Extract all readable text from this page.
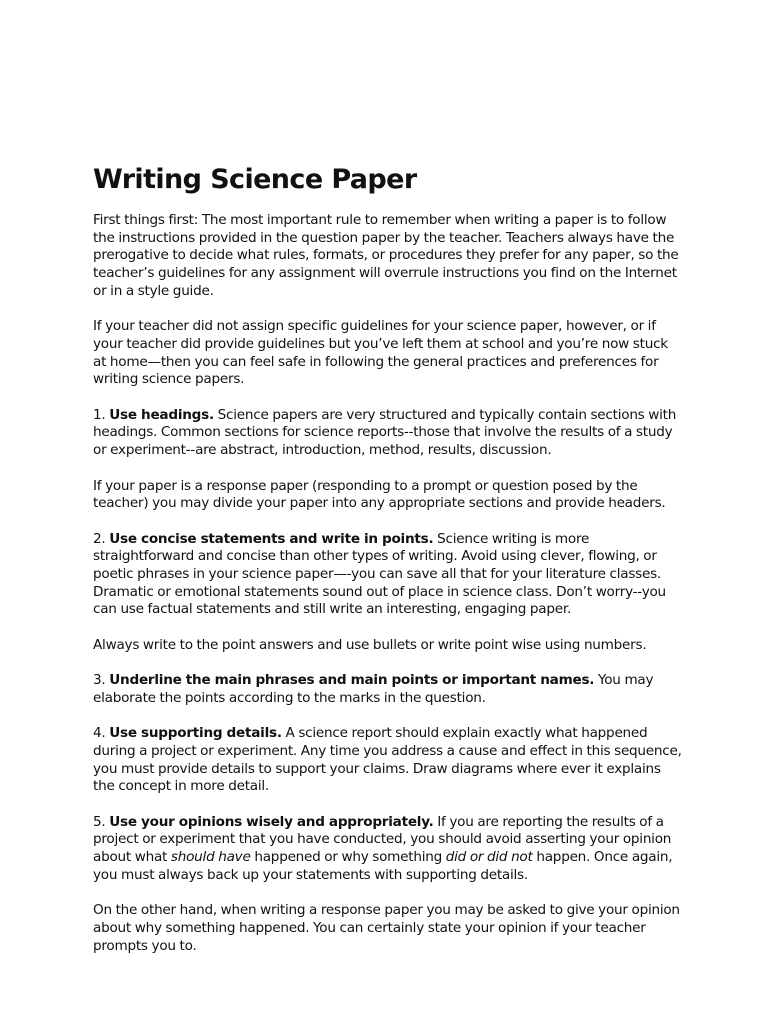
Writing Science Paper

First things first: The most important rule to remember when writing a paper is to follow the instructions provided in the question paper by the teacher. Teachers always have the prerogative to decide what rules, formats, or procedures they prefer for any paper, so the teacher’s guidelines for any assignment will overrule instructions you find on the Internet or in a style guide.

If your teacher did not assign specific guidelines for your science paper, however, or if your teacher did provide guidelines but you’ve left them at school and you’re now stuck at home—then you can feel safe in following the general practices and preferences for writing science papers.

1. Use headings. Science papers are very structured and typically contain sections with headings. Common sections for science reports--those that involve the results of a study or experiment--are abstract, introduction, method, results, discussion.

If your paper is a response paper (responding to a prompt or question posed by the teacher) you may divide your paper into any appropriate sections and provide headers.

2. Use concise statements and write in points. Science writing is more straightforward and concise than other types of writing. Avoid using clever, flowing, or poetic phrases in your science paper—-you can save all that for your literature classes. Dramatic or emotional statements sound out of place in science class. Don’t worry--you can use factual statements and still write an interesting, engaging paper.

Always write to the point answers and use bullets or write point wise using numbers.

3. Underline the main phrases and main points or important names. You may elaborate the points according to the marks in the question.

4. Use supporting details. A science report should explain exactly what happened during a project or experiment. Any time you address a cause and effect in this sequence, you must provide details to support your claims. Draw diagrams where ever it explains the concept in more detail.

5. Use your opinions wisely and appropriately. If you are reporting the results of a project or experiment that you have conducted, you should avoid asserting your opinion about what should have happened or why something did or did not happen. Once again, you must always back up your statements with supporting details.

On the other hand, when writing a response paper you may be asked to give your opinion about why something happened. You can certainly state your opinion if your teacher prompts you to.
